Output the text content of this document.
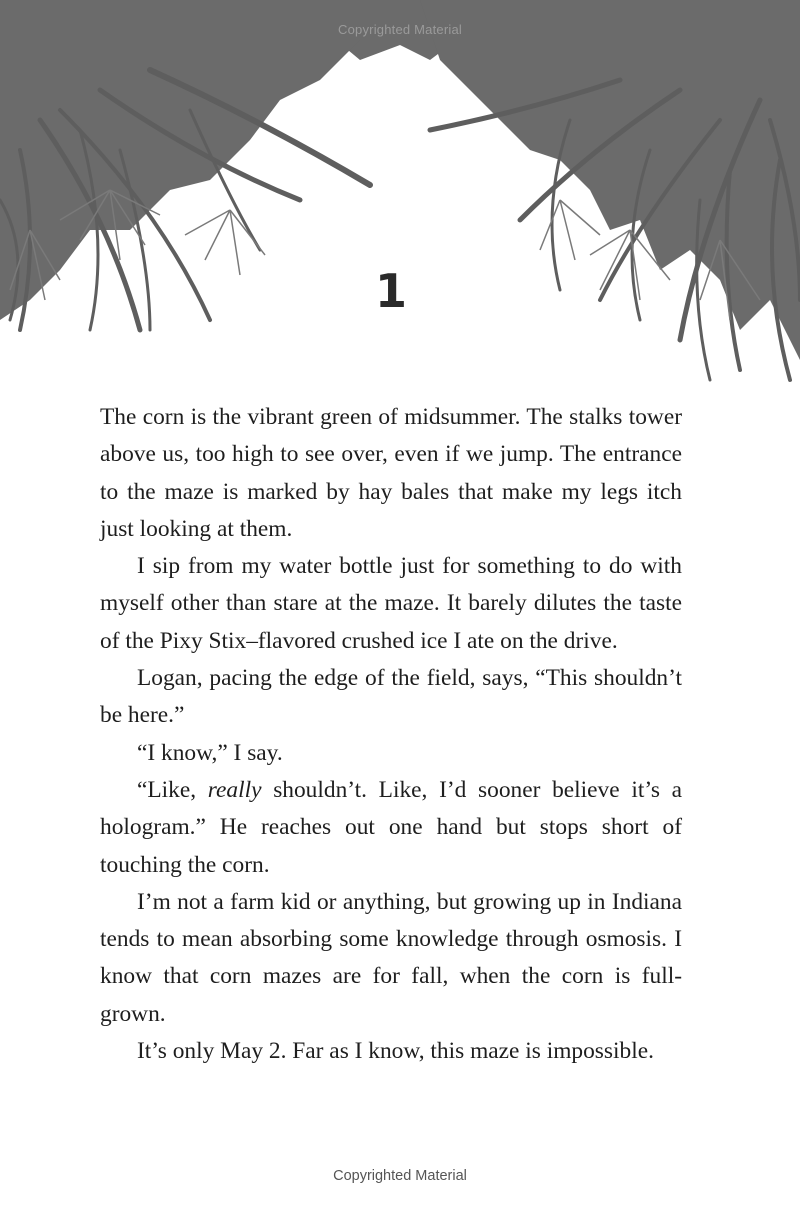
Copyrighted Material
1

The corn is the vibrant green of midsummer. The stalks tower above us, too high to see over, even if we jump. The entrance to the maze is marked by hay bales that make my legs itch just looking at them.

I sip from my water bottle just for something to do with myself other than stare at the maze. It barely dilutes the taste of the Pixy Stix–flavored crushed ice I ate on the drive.

Logan, pacing the edge of the field, says, “This shouldn’t be here.”

“I know,” I say.

“Like, really shouldn’t. Like, I’d sooner believe it’s a hologram.” He reaches out one hand but stops short of touching the corn.

I’m not a farm kid or anything, but growing up in Indiana tends to mean absorbing some knowledge through osmosis. I know that corn mazes are for fall, when the corn is full-grown.

It’s only May 2. Far as I know, this maze is impossible.

Copyrighted Material
